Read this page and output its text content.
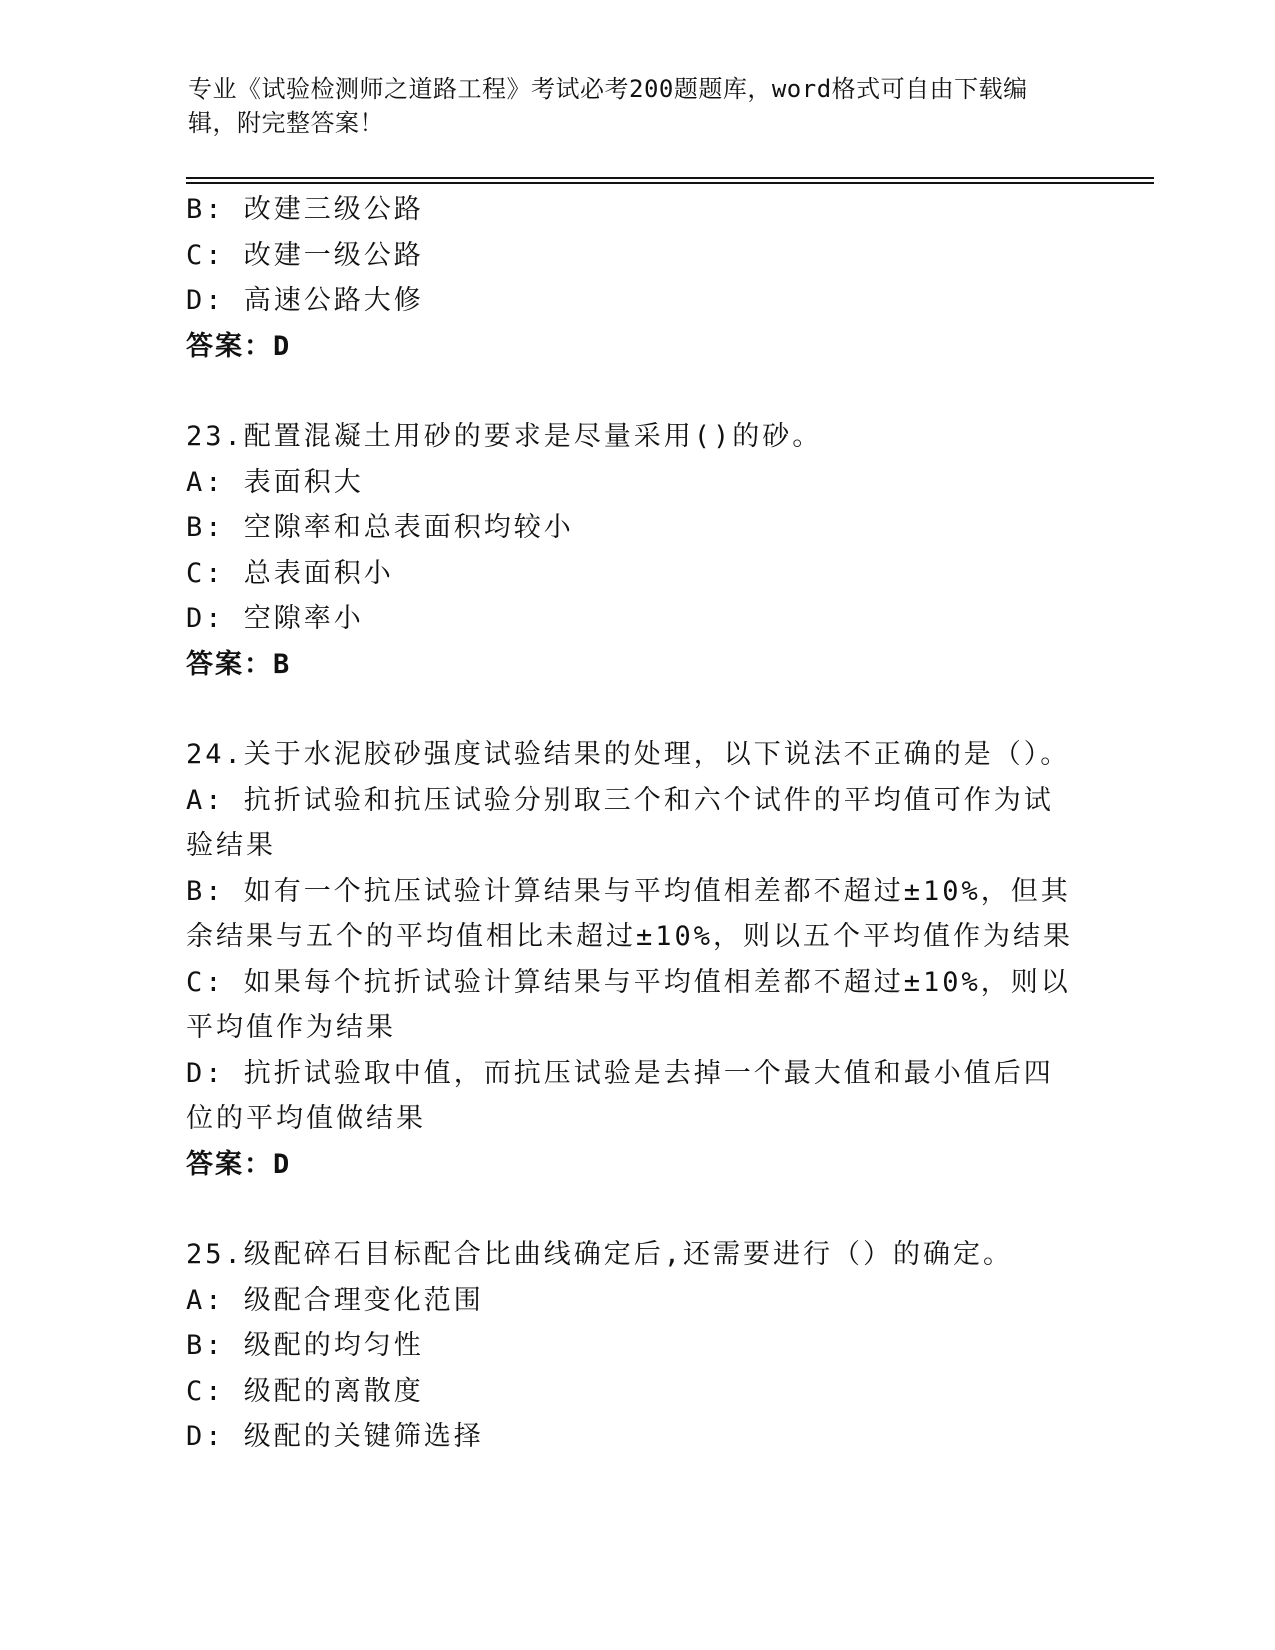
专业《试验检测师之道路工程》考试必考200题题库，word格式可自由下载编辑，附完整答案！

B: 改建三级公路

C: 改建一级公路

D: 高速公路大修

答案：D

23.配置混凝土用砂的要求是尽量采用()的砂。

A: 表面积大

B: 空隙率和总表面积均较小

C: 总表面积小

D: 空隙率小

答案：B

24.关于水泥胶砂强度试验结果的处理，以下说法不正确的是（）。

A: 抗折试验和抗压试验分别取三个和六个试件的平均值可作为试验结果

B: 如有一个抗压试验计算结果与平均值相差都不超过±10%，但其余结果与五个的平均值相比未超过±10%，则以五个平均值作为结果

C: 如果每个抗折试验计算结果与平均值相差都不超过±10%，则以平均值作为结果

D: 抗折试验取中值，而抗压试验是去掉一个最大值和最小值后四位的平均值做结果

答案：D

25.级配碎石目标配合比曲线确定后,还需要进行（）的确定。

A: 级配合理变化范围

B: 级配的均匀性

C: 级配的离散度

D: 级配的关键筛选择
